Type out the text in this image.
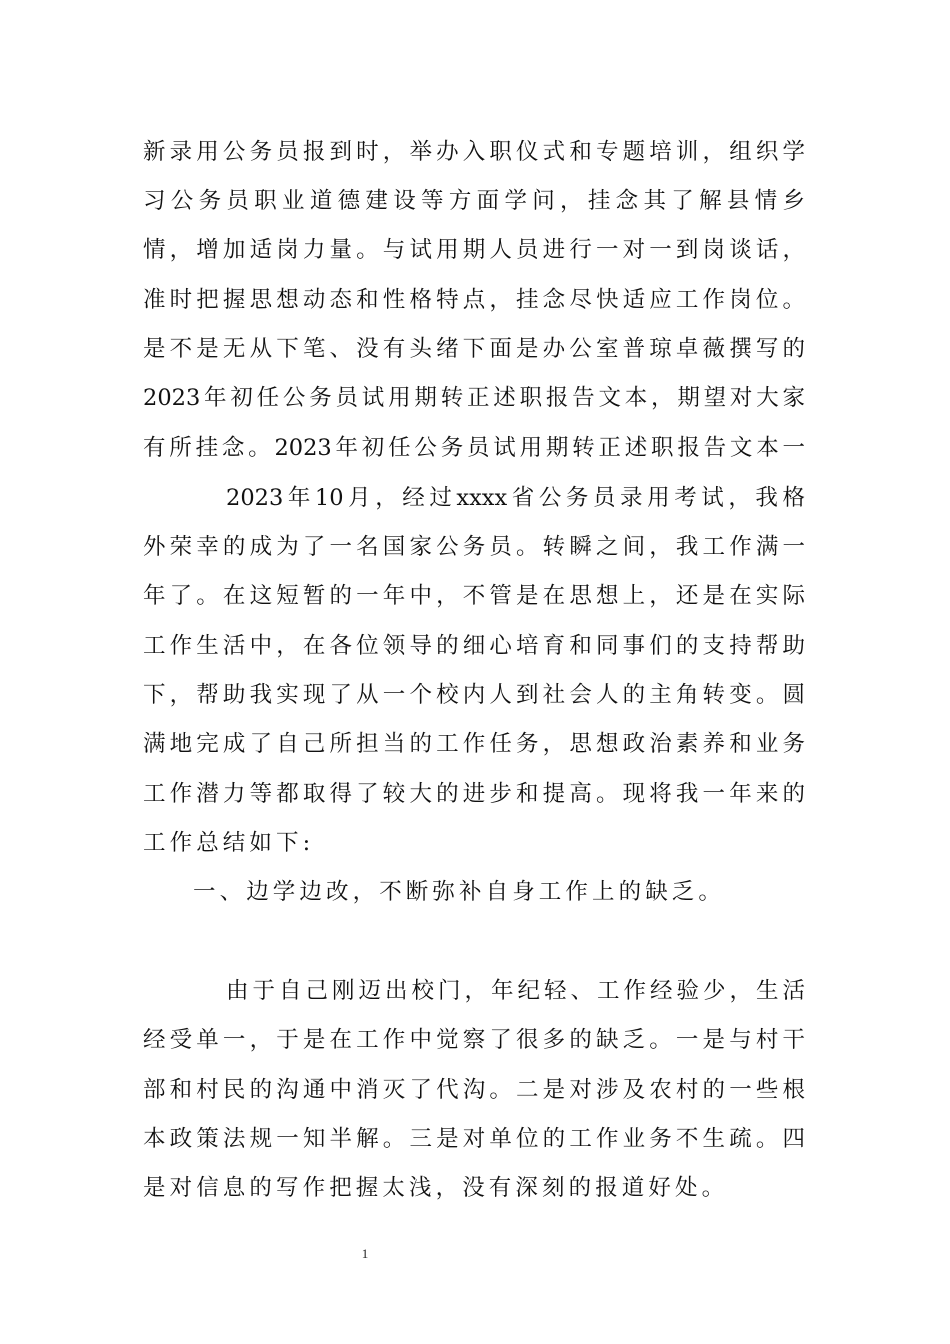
新录用公务员报到时，举办入职仪式和专题培训，组织学
习公务员职业道德建设等方面学问，挂念其了解县情乡
情，增加适岗力量。与试用期人员进行一对一到岗谈话，
准时把握思想动态和性格特点，挂念尽快适应工作岗位。
是不是无从下笔、没有头绪下面是办公室普琼卓薇撰写的
2023年初任公务员试用期转正述职报告文本，期望对大家
有所挂念。2023年初任公务员试用期转正述职报告文本一
2023年10月，经过xxxx省公务员录用考试，我格
外荣幸的成为了一名国家公务员。转瞬之间，我工作满一
年了。在这短暂的一年中，不管是在思想上，还是在实际
工作生活中，在各位领导的细心培育和同事们的支持帮助
下，帮助我实现了从一个校内人到社会人的主角转变。圆
满地完成了自己所担当的工作任务，思想政治素养和业务
工作潜力等都取得了较大的进步和提高。现将我一年来的
工作总结如下:
一、边学边改，不断弥补自身工作上的缺乏。
由于自己刚迈出校门，年纪轻、工作经验少，生活
经受单一，于是在工作中觉察了很多的缺乏。一是与村干
部和村民的沟通中消灭了代沟。二是对涉及农村的一些根
本政策法规一知半解。三是对单位的工作业务不生疏。四
是对信息的写作把握太浅，没有深刻的报道好处。
1
